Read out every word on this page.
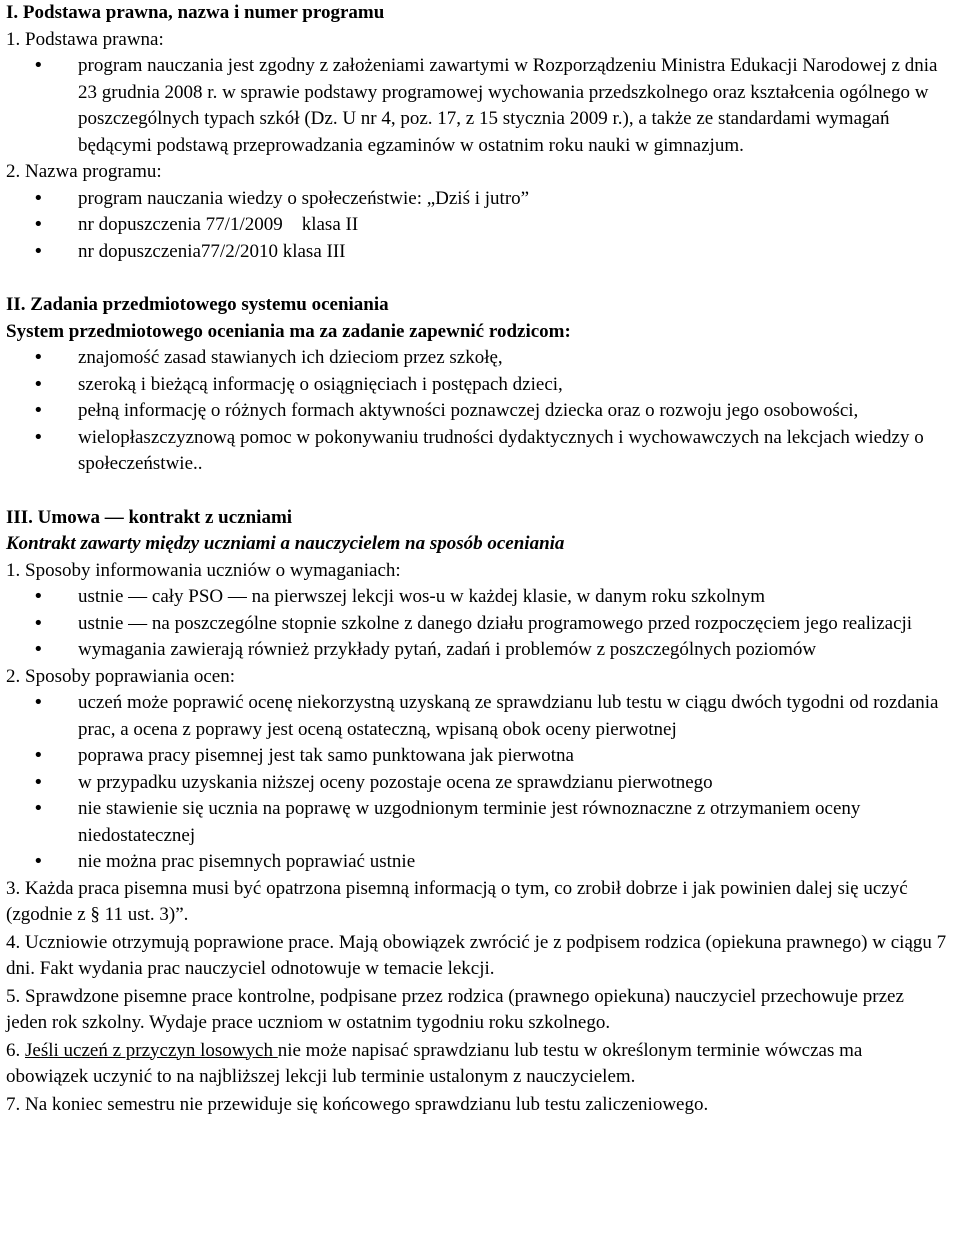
I. Podstawa prawna, nazwa i numer programu
1. Podstawa prawna:
• program nauczania jest zgodny z założeniami zawartymi w Rozporządzeniu Ministra Edukacji Narodowej z dnia 23 grudnia 2008 r. w sprawie podstawy programowej wychowania przedszkolnego oraz kształcenia ogólnego w poszczególnych typach szkół (Dz. U nr 4, poz. 17, z 15 stycznia 2009 r.), a także ze standardami wymagań będącymi podstawą przeprowadzania egzaminów w ostatnim roku nauki w gimnazjum.
2. Nazwa programu:
• program nauczania wiedzy o społeczeństwie: „Dziś i jutro”
• nr dopuszczenia 77/1/2009    klasa II
• nr dopuszczenia77/2/2010 klasa III
II. Zadania przedmiotowego systemu oceniania
System przedmiotowego oceniania ma za zadanie zapewnić rodzicom:
• znajomość zasad stawianych ich dzieciom przez szkołę,
• szeroką i bieżącą informację o osiągnięciach i postępach dzieci,
• pełną informację o różnych formach aktywności poznawczej dziecka oraz o rozwoju jego osobowości,
• wielopłaszczyznową pomoc w pokonywaniu trudności dydaktycznych i wychowawczych na lekcjach wiedzy o społeczeństwie..
III. Umowa — kontrakt z uczniami
Kontrakt zawarty między uczniami a nauczycielem na sposób oceniania
1. Sposoby informowania uczniów o wymaganiach:
• ustnie — cały PSO — na pierwszej lekcji wos-u w każdej klasie, w danym roku szkolnym
• ustnie — na poszczególne stopnie szkolne z danego działu programowego przed rozpoczęciem jego realizacji
• wymagania zawierają również przykłady pytań, zadań i problemów z poszczególnych poziomów
2. Sposoby poprawiania ocen:
• uczeń może poprawić ocenę niekorzystną uzyskaną ze sprawdzianu lub testu w ciągu dwóch tygodni od rozdania prac, a ocena z poprawy jest oceną ostateczną, wpisaną obok oceny pierwotnej
• poprawa pracy pisemnej jest tak samo punktowana jak pierwotna
• w przypadku uzyskania niższej oceny pozostaje ocena ze sprawdzianu pierwotnego
• nie stawienie się ucznia na poprawę w uzgodnionym terminie jest równoznaczne z otrzymaniem oceny niedostatecznej
• nie można prac pisemnych poprawiać ustnie
3. Każda praca pisemna musi być opatrzona pisemną informacją o tym, co zrobił dobrze i jak powinien dalej się uczyć (zgodnie z § 11 ust. 3)”.
4. Uczniowie otrzymują poprawione prace. Mają obowiązek zwrócić je z podpisem rodzica (opiekuna prawnego) w ciągu 7 dni. Fakt wydania prac nauczyciel odnotowuje w temacie lekcji.
5. Sprawdzone pisemne prace kontrolne, podpisane przez rodzica (prawnego opiekuna) nauczyciel przechowuje przez jeden rok szkolny. Wydaje prace uczniom w ostatnim tygodniu roku szkolnego.
6. Jeśli uczeń z przyczyn losowych nie może napisać sprawdzianu lub testu w określonym terminie wówczas ma obowiązek uczynić to na najbliższej lekcji lub terminie ustalonym z nauczycielem.
7. Na koniec semestru nie przewiduje się końcowego sprawdzianu lub testu zaliczeniowego.
